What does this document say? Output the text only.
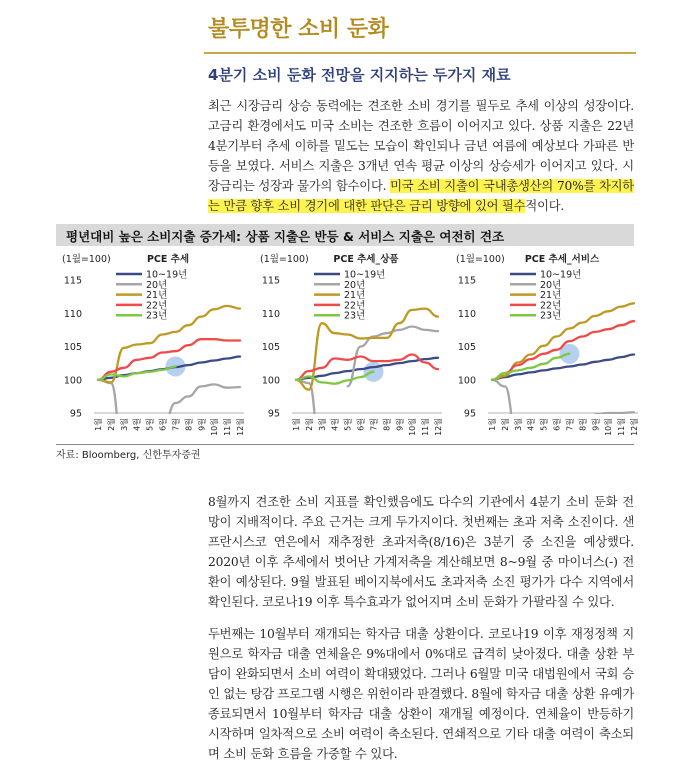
불투명한 소비 둔화
4분기 소비 둔화 전망을 지지하는 두가지 재료
최근 시장금리 상승 동력에는 견조한 소비 경기를 필두로 추세 이상의 성장이다. 고금리 환경에서도 미국 소비는 견조한 흐름이 이어지고 있다. 상품 지출은 22년 4분기부터 추세 이하를 밑도는 모습이 확인되나 금년 여름에 예상보다 가파른 반등을 보였다. 서비스 지출은 3개년 연속 평균 이상의 상승세가 이어지고 있다. 시장금리는 성장과 물가의 함수이다. 미국 소비 지출이 국내총생산의 70%를 차지하는 만큼 향후 소비 경기에 대한 판단은 금리 방향에 있어 필수적이다.
평년대비 높은 소비지출 증가세: 상품 지출은 반등 & 서비스 지출은 여전히 견조
95
100
105
110
115
(1월=100)	PCE 추세
1월 2월 3월 4월 5월 6월 7월 8월 9월 10월 11월 12월
10~19년
20년
21년
22년
23년
95
100
105
110
115
(1월=100)	PCE 추세_상품
1월 2월 3월 4월 5월 6월 7월 8월 9월 10월 11월 12월
10~19년
20년
21년
22년
23년
95
100
105
110
115
(1월=100) PCE 추세_서비스
1월 2월 3월 4월 5월 6월 7월 8월 9월 10월 11월 12월
10~19년
20년
21년
22년
23년
자료: Bloomberg, 신한투자증권
8월까지 견조한 소비 지표를 확인했음에도 다수의 기관에서 4분기 소비 둔화 전망이 지배적이다. 주요 근거는 크게 두가지이다. 첫번째는 초과 저축 소진이다. 샌프란시스코 연은에서 재추정한 초과저축(8/16)은 3분기 중 소진을 예상했다. 2020년 이후 추세에서 벗어난 가계저축을 계산해보면 8~9월 중 마이너스(-) 전환이 예상된다. 9월 발표된 베이지북에서도 초과저축 소진 평가가 다수 지역에서 확인된다. 코로나19 이후 특수효과가 없어지며 소비 둔화가 가팔라질 수 있다.
두번째는 10월부터 재개되는 학자금 대출 상환이다. 코로나19 이후 재정정책 지원으로 학자금 대출 연체율은 9%대에서 0%대로 급격히 낮아졌다. 대출 상환 부담이 완화되면서 소비 여력이 확대됐었다. 그러나 6월말 미국 대법원에서 국회 승인 없는 탕감 프로그램 시행은 위헌이라 판결했다. 8월에 학자금 대출 상환 유예가 종료되면서 10월부터 학자금 대출 상환이 재개될 예정이다. 연체율이 반등하기 시작하며 일차적으로 소비 여력이 축소된다. 연쇄적으로 기타 대출 여력이 축소되며 소비 둔화 흐름을 가중할 수 있다.
